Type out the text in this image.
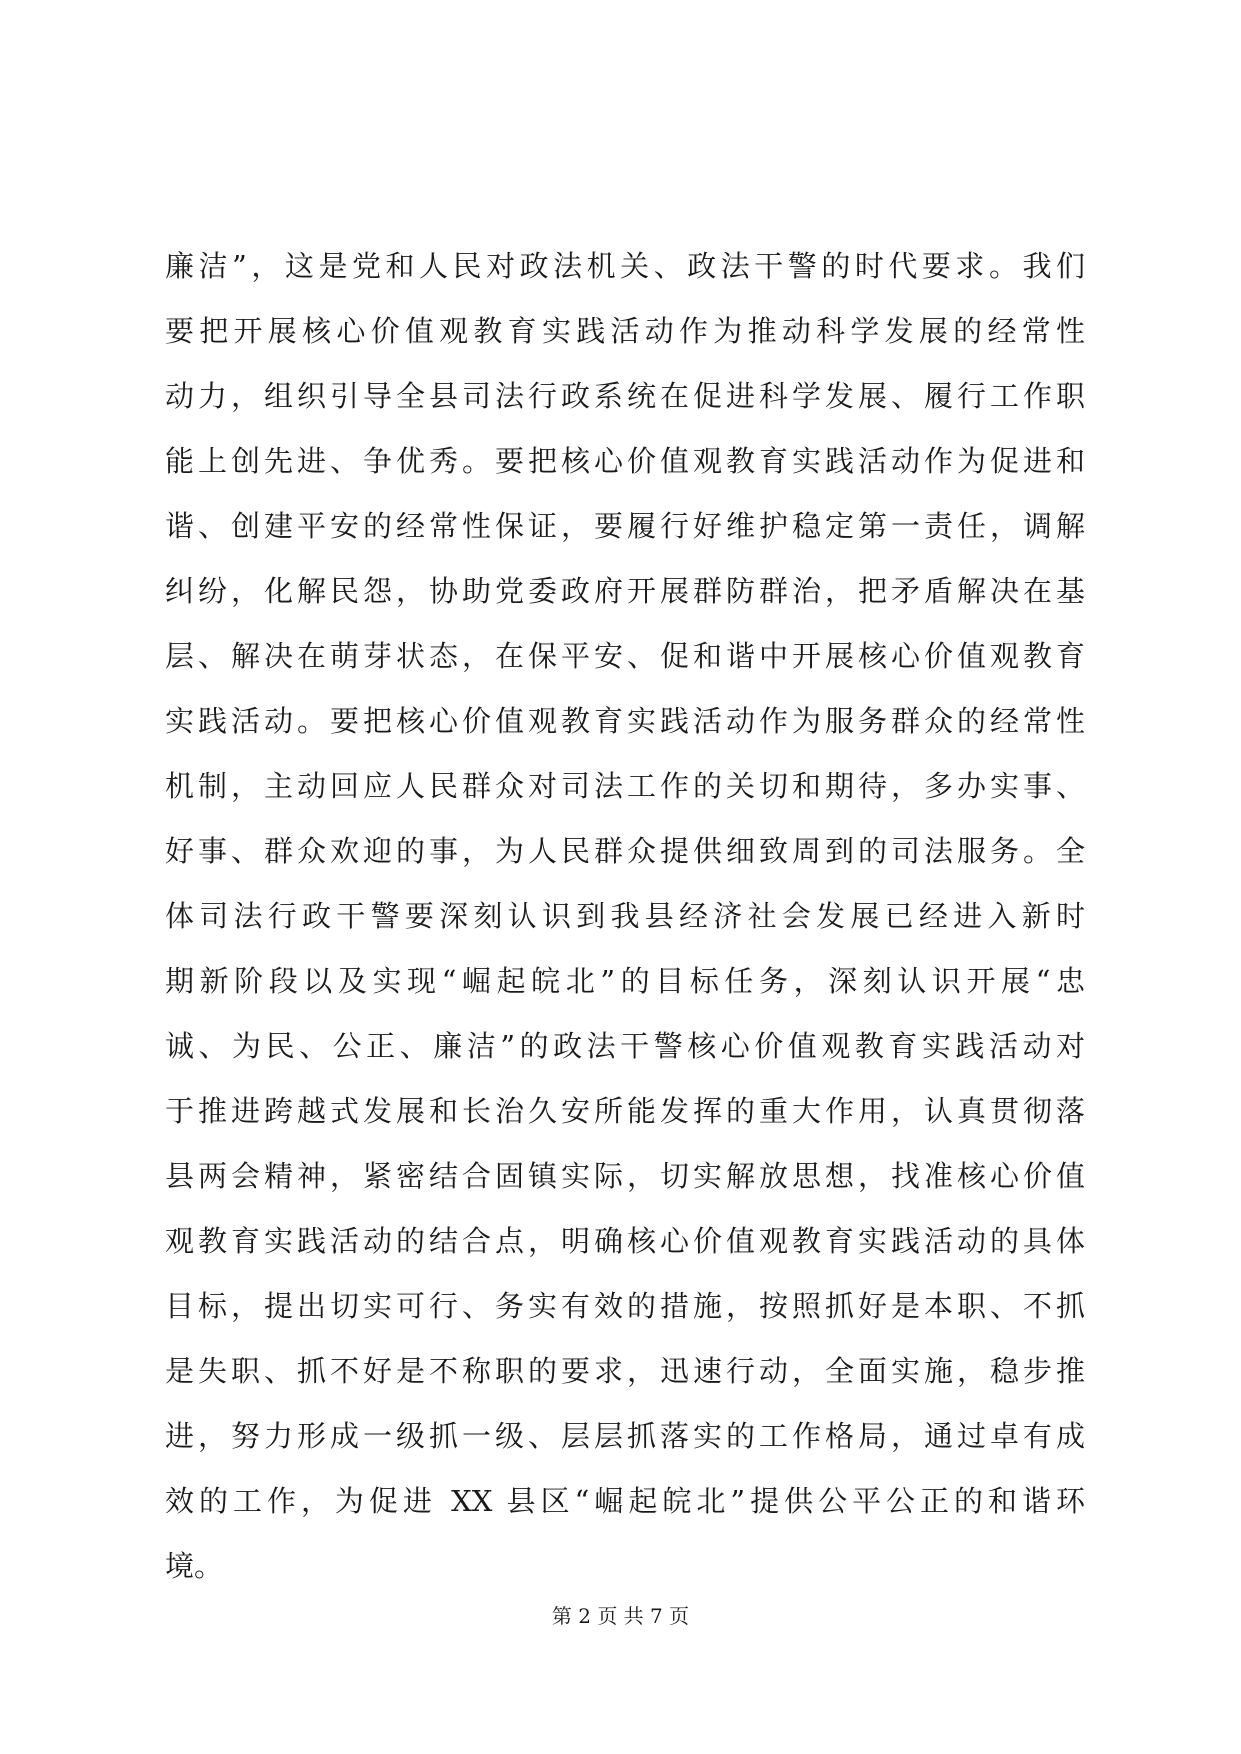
廉洁”，这是党和人民对政法机关、政法干警的时代要求。我们
要把开展核心价值观教育实践活动作为推动科学发展的经常性
动力，组织引导全县司法行政系统在促进科学发展、履行工作职
能上创先进、争优秀。要把核心价值观教育实践活动作为促进和
谐、创建平安的经常性保证，要履行好维护稳定第一责任，调解
纠纷，化解民怨，协助党委政府开展群防群治，把矛盾解决在基
层、解决在萌芽状态，在保平安、促和谐中开展核心价值观教育
实践活动。要把核心价值观教育实践活动作为服务群众的经常性
机制，主动回应人民群众对司法工作的关切和期待，多办实事、
好事、群众欢迎的事，为人民群众提供细致周到的司法服务。全
体司法行政干警要深刻认识到我县经济社会发展已经进入新时
期新阶段以及实现“崛起皖北”的目标任务，深刻认识开展“忠
诚、为民、公正、廉洁”的政法干警核心价值观教育实践活动对
于推进跨越式发展和长治久安所能发挥的重大作用，认真贯彻落
县两会精神，紧密结合固镇实际，切实解放思想，找准核心价值
观教育实践活动的结合点，明确核心价值观教育实践活动的具体
目标，提出切实可行、务实有效的措施，按照抓好是本职、不抓
是失职、抓不好是不称职的要求，迅速行动，全面实施，稳步推
进，努力形成一级抓一级、层层抓落实的工作格局，通过卓有成
效的工作，为促进 XX 县区“崛起皖北”提供公平公正的和谐环
境。
第 2 页 共 7 页
